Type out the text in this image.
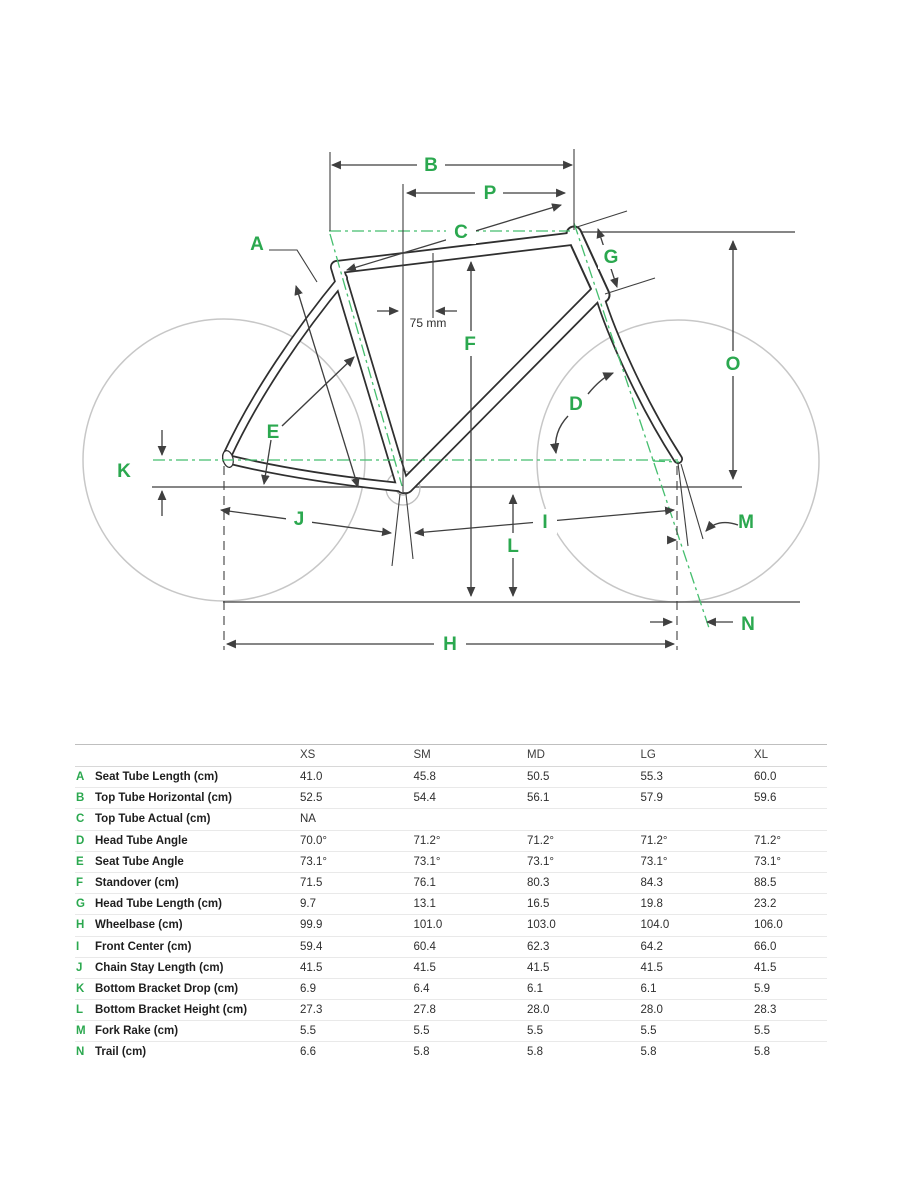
A
B
C
D
E
F
G
H
I
J
K
L
M
N
O
P
75 mm
XS	SM	MD	LG	XL
A Seat Tube Length (cm)	41.0	45.8	50.5	55.3	60.0
B Top Tube Horizontal (cm)	52.5	54.4	56.1	57.9	59.6
C Top Tube Actual (cm)	NA
D Head Tube Angle	70.0°	71.2°	71.2°	71.2°	71.2°
E Seat Tube Angle	73.1°	73.1°	73.1°	73.1°	73.1°
F Standover (cm)	71.5	76.1	80.3	84.3	88.5
G Head Tube Length (cm)	9.7	13.1	16.5	19.8	23.2
H Wheelbase (cm)	99.9	101.0	103.0	104.0	106.0
I Front Center (cm)	59.4	60.4	62.3	64.2	66.0
J Chain Stay Length (cm)	41.5	41.5	41.5	41.5	41.5
K Bottom Bracket Drop (cm)	6.9	6.4	6.1	6.1	5.9
L Bottom Bracket Height (cm)	27.3	27.8	28.0	28.0	28.3
M Fork Rake (cm)	5.5	5.5	5.5	5.5	5.5
N Trail (cm)	6.6	5.8	5.8	5.8	5.8
